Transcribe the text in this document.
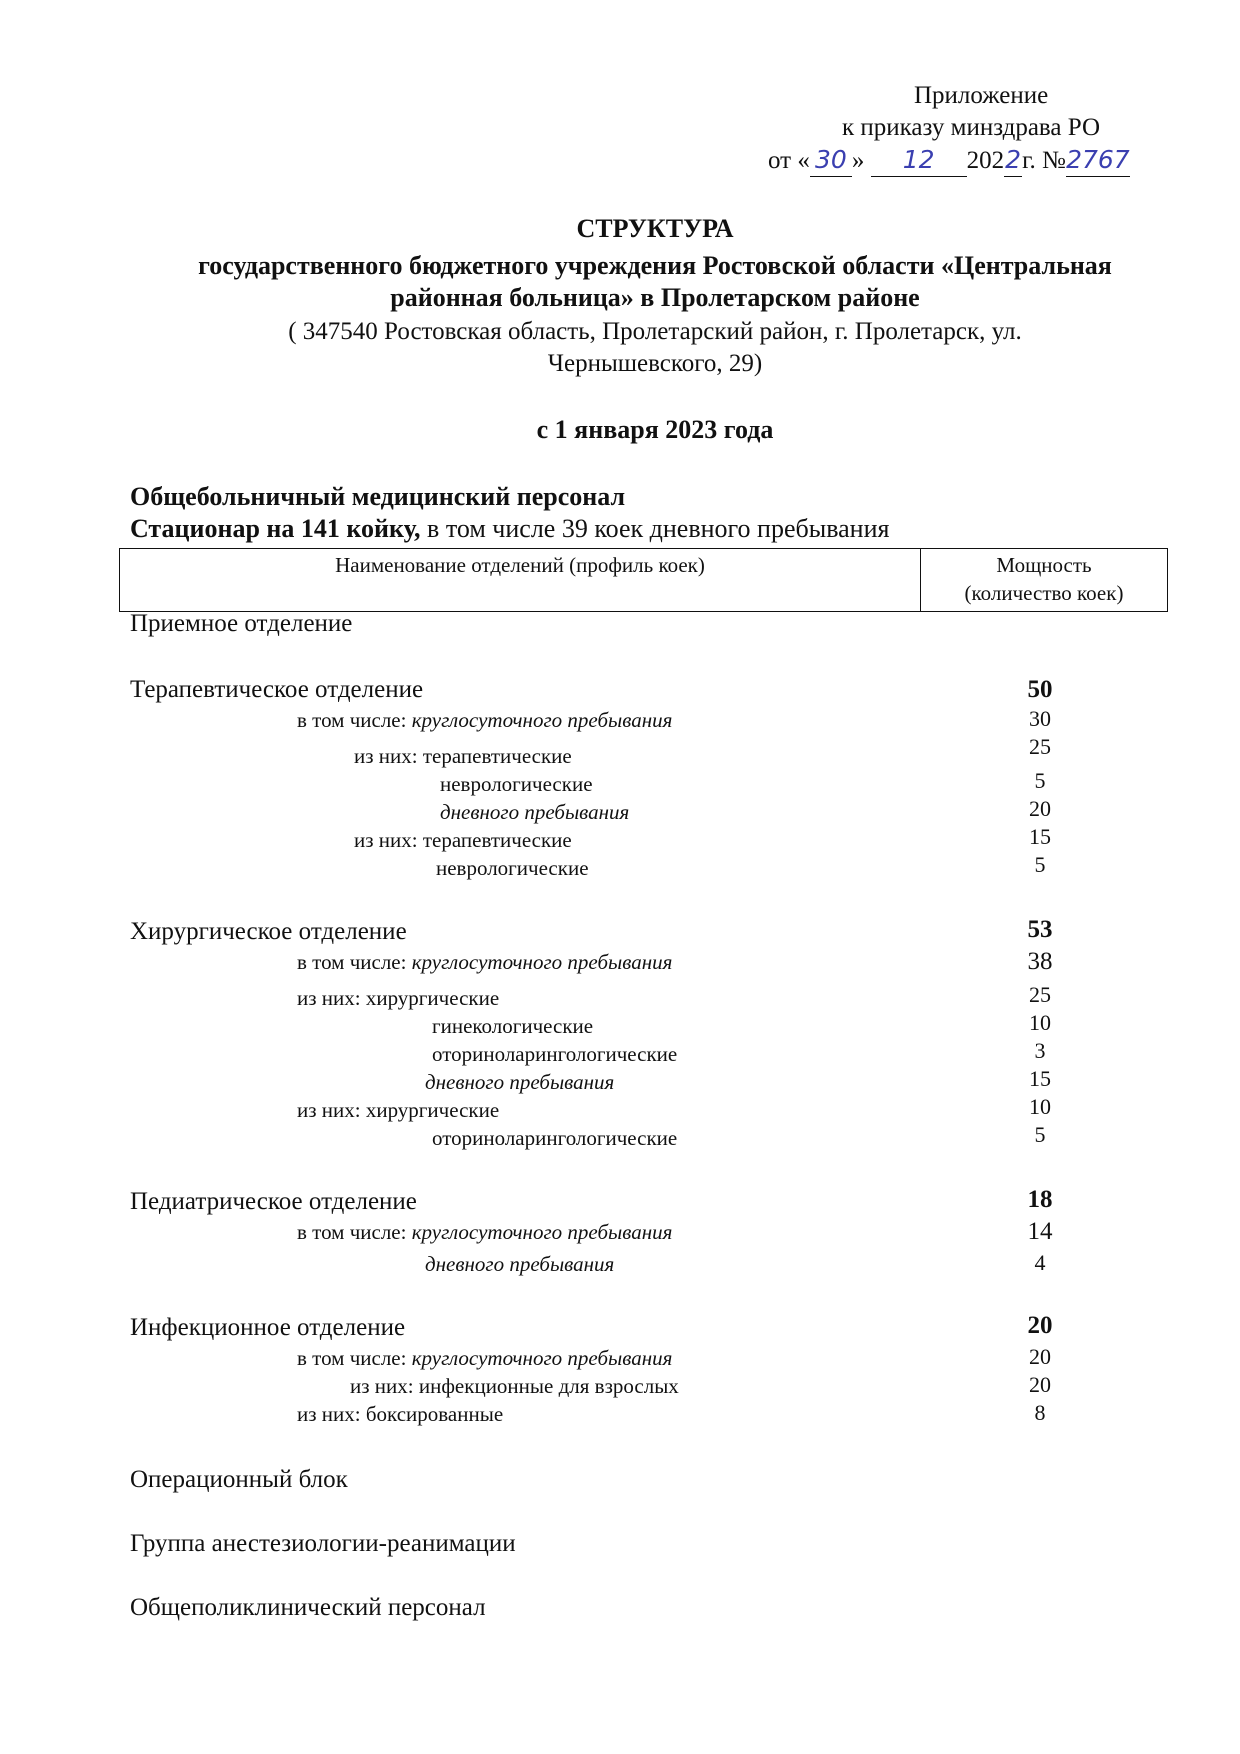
Приложение
к приказу минздрава РО
от « 30 » 12 2022г. №2767
СТРУКТУРА
государственного бюджетного учреждения Ростовской области «Центральная
районная больница» в Пролетарском районе
( 347540 Ростовская область, Пролетарский район, г. Пролетарск, ул.
Чернышевского, 29)
с 1 января 2023 года
Общебольничный медицинский персонал
Стационар на 141 койку, в том числе 39 коек дневного пребывания
Наименование отделений (профиль коек)	Мощность
(количество коек)
Приемное отделение
Терапевтическое отделение	50
в том числе: круглосуточного пребывания	30
из них: терапевтические	25
неврологические	5
дневного пребывания	20
из них: терапевтические	15
неврологические	5
Хирургическое отделение	53
в том числе: круглосуточного пребывания	38
из них: хирургические	25
гинекологические	10
оториноларингологические	3
дневного пребывания	15
из них: хирургические	10
оториноларингологические	5
Педиатрическое отделение	18
в том числе: круглосуточного пребывания	14
дневного пребывания	4
Инфекционное отделение	20
в том числе: круглосуточного пребывания	20
из них: инфекционные для взрослых	20
из них: боксированные	8
Операционный блок
Группа анестезиологии-реанимации
Общеполиклинический персонал
